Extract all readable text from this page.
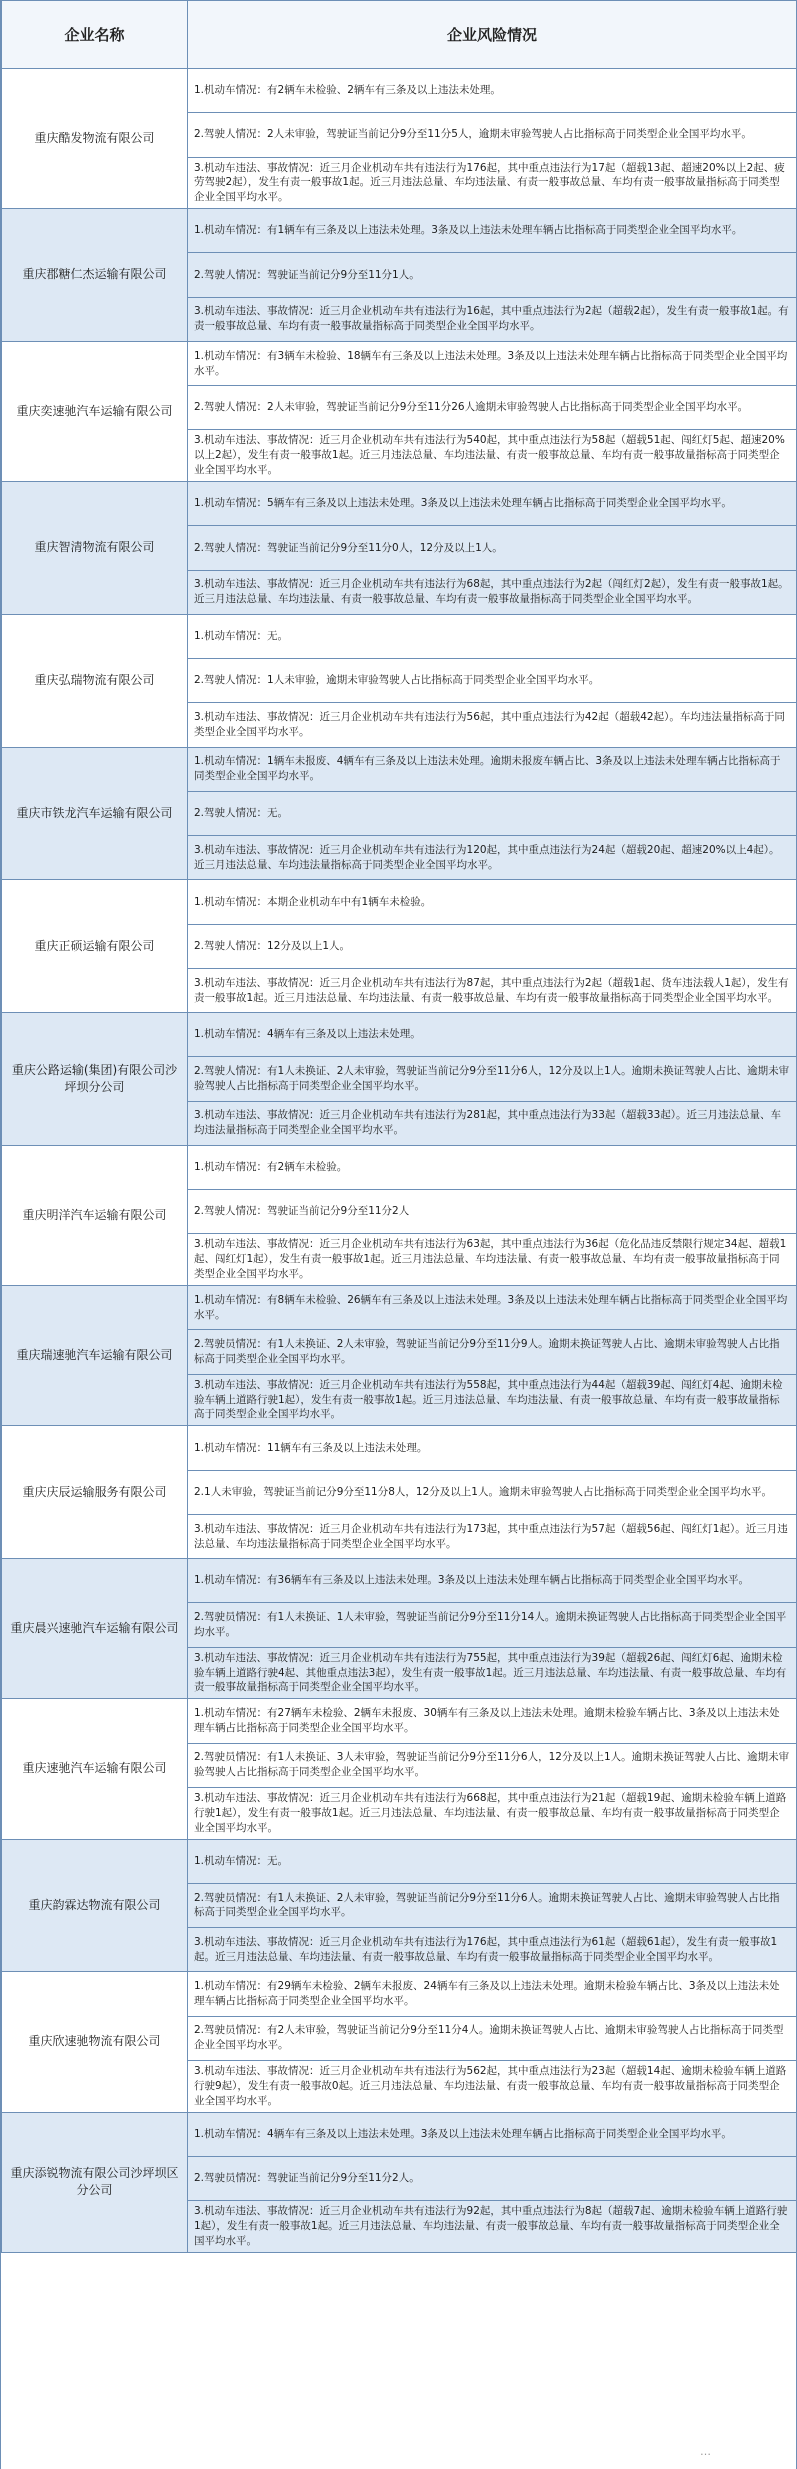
企业名称	企业风险情况
重庆酷发物流有限公司	1.机动车情况：有2辆车未检验、2辆车有三条及以上违法未处理。
	2.驾驶人情况：2人未审验，驾驶证当前记分9分至11分5人，逾期未审验驾驶人占比指标高于同类型企业全国平均水平。
	3.机动车违法、事故情况：近三月企业机动车共有违法行为176起，其中重点违法行为17起（超载13起、超速20%以上2起、疲劳驾驶2起），发生有责一般事故1起。近三月违法总量、车均违法量、有责一般事故总量、车均有责一般事故量指标高于同类型企业全国平均水平。
重庆郡糖仁杰运输有限公司	1.机动车情况：有1辆车有三条及以上违法未处理。3条及以上违法未处理车辆占比指标高于同类型企业全国平均水平。
	2.驾驶人情况：驾驶证当前记分9分至11分1人。
	3.机动车违法、事故情况：近三月企业机动车共有违法行为16起，其中重点违法行为2起（超载2起），发生有责一般事故1起。有责一般事故总量、车均有责一般事故量指标高于同类型企业全国平均水平。
重庆奕速驰汽车运输有限公司	1.机动车情况：有3辆车未检验、18辆车有三条及以上违法未处理。3条及以上违法未处理车辆占比指标高于同类型企业全国平均水平。
	2.驾驶人情况：2人未审验，驾驶证当前记分9分至11分26人逾期未审验驾驶人占比指标高于同类型企业全国平均水平。
	3.机动车违法、事故情况：近三月企业机动车共有违法行为540起，其中重点违法行为58起（超载51起、闯红灯5起、超速20%以上2起），发生有责一般事故1起。近三月违法总量、车均违法量、有责一般事故总量、车均有责一般事故量指标高于同类型企业全国平均水平。
重庆智清物流有限公司	1.机动车情况：5辆车有三条及以上违法未处理。3条及以上违法未处理车辆占比指标高于同类型企业全国平均水平。
	2.驾驶人情况：驾驶证当前记分9分至11分0人，12分及以上1人。
	3.机动车违法、事故情况：近三月企业机动车共有违法行为68起，其中重点违法行为2起（闯红灯2起），发生有责一般事故1起。近三月违法总量、车均违法量、有责一般事故总量、车均有责一般事故量指标高于同类型企业全国平均水平。
重庆弘瑞物流有限公司	1.机动车情况：无。
	2.驾驶人情况：1人未审验，逾期未审验驾驶人占比指标高于同类型企业全国平均水平。
	3.机动车违法、事故情况：近三月企业机动车共有违法行为56起，其中重点违法行为42起（超载42起）。车均违法量指标高于同类型企业全国平均水平。
重庆市铁龙汽车运输有限公司	1.机动车情况：1辆车未报废、4辆车有三条及以上违法未处理。逾期未报废车辆占比、3条及以上违法未处理车辆占比指标高于同类型企业全国平均水平。
	2.驾驶人情况：无。
	3.机动车违法、事故情况：近三月企业机动车共有违法行为120起，其中重点违法行为24起（超载20起、超速20%以上4起）。近三月违法总量、车均违法量指标高于同类型企业全国平均水平。
重庆正硕运输有限公司	1.机动车情况：本期企业机动车中有1辆车未检验。
	2.驾驶人情况：12分及以上1人。
	3.机动车违法、事故情况：近三月企业机动车共有违法行为87起，其中重点违法行为2起（超载1起、货车违法载人1起），发生有责一般事故1起。近三月违法总量、车均违法量、有责一般事故总量、车均有责一般事故量指标高于同类型企业全国平均水平。
重庆公路运输(集团)有限公司沙坪坝分公司	1.机动车情况：4辆车有三条及以上违法未处理。
	2.驾驶人情况：有1人未换证、2人未审验，驾驶证当前记分9分至11分6人，12分及以上1人。逾期未换证驾驶人占比、逾期未审验驾驶人占比指标高于同类型企业全国平均水平。
	3.机动车违法、事故情况：近三月企业机动车共有违法行为281起，其中重点违法行为33起（超载33起）。近三月违法总量、车均违法量指标高于同类型企业全国平均水平。
重庆明洋汽车运输有限公司	1.机动车情况：有2辆车未检验。
	2.驾驶人情况：驾驶证当前记分9分至11分2人
	3.机动车违法、事故情况：近三月企业机动车共有违法行为63起，其中重点违法行为36起（危化品违反禁限行规定34起、超载1起、闯红灯1起），发生有责一般事故1起。近三月违法总量、车均违法量、有责一般事故总量、车均有责一般事故量指标高于同类型企业全国平均水平。
重庆瑞速驰汽车运输有限公司	1.机动车情况：有8辆车未检验、26辆车有三条及以上违法未处理。3条及以上违法未处理车辆占比指标高于同类型企业全国平均水平。
	2.驾驶员情况：有1人未换证、2人未审验，驾驶证当前记分9分至11分9人。逾期未换证驾驶人占比、逾期未审验驾驶人占比指标高于同类型企业全国平均水平。
	3.机动车违法、事故情况：近三月企业机动车共有违法行为558起，其中重点违法行为44起（超载39起、闯红灯4起、逾期未检验车辆上道路行驶1起），发生有责一般事故1起。近三月违法总量、车均违法量、有责一般事故总量、车均有责一般事故量指标高于同类型企业全国平均水平。
重庆庆辰运输服务有限公司	1.机动车情况：11辆车有三条及以上违法未处理。
	2.1人未审验，驾驶证当前记分9分至11分8人，12分及以上1人。逾期未审验驾驶人占比指标高于同类型企业全国平均水平。
	3.机动车违法、事故情况：近三月企业机动车共有违法行为173起，其中重点违法行为57起（超载56起、闯红灯1起）。近三月违法总量、车均违法量指标高于同类型企业全国平均水平。
重庆晨兴速驰汽车运输有限公司	1.机动车情况：有36辆车有三条及以上违法未处理。3条及以上违法未处理车辆占比指标高于同类型企业全国平均水平。
	2.驾驶员情况：有1人未换证、1人未审验，驾驶证当前记分9分至11分14人。逾期未换证驾驶人占比指标高于同类型企业全国平均水平。
	3.机动车违法、事故情况：近三月企业机动车共有违法行为755起，其中重点违法行为39起（超载26起、闯红灯6起、逾期未检验车辆上道路行驶4起、其他重点违法3起），发生有责一般事故1起。近三月违法总量、车均违法量、有责一般事故总量、车均有责一般事故量指标高于同类型企业全国平均水平。
重庆速驰汽车运输有限公司	1.机动车情况：有27辆车未检验、2辆车未报废、30辆车有三条及以上违法未处理。逾期未检验车辆占比、3条及以上违法未处理车辆占比指标高于同类型企业全国平均水平。
	2.驾驶员情况：有1人未换证、3人未审验，驾驶证当前记分9分至11分6人，12分及以上1人。逾期未换证驾驶人占比、逾期未审验驾驶人占比指标高于同类型企业全国平均水平。
	3.机动车违法、事故情况：近三月企业机动车共有违法行为668起，其中重点违法行为21起（超载19起、逾期未检验车辆上道路行驶1起），发生有责一般事故1起。近三月违法总量、车均违法量、有责一般事故总量、车均有责一般事故量指标高于同类型企业全国平均水平。
重庆韵霖达物流有限公司	1.机动车情况：无。
	2.驾驶员情况：有1人未换证、2人未审验，驾驶证当前记分9分至11分6人。逾期未换证驾驶人占比、逾期未审验驾驶人占比指标高于同类型企业全国平均水平。
	3.机动车违法、事故情况：近三月企业机动车共有违法行为176起，其中重点违法行为61起（超载61起），发生有责一般事故1起。近三月违法总量、车均违法量、有责一般事故总量、车均有责一般事故量指标高于同类型企业全国平均水平。
重庆欣速驰物流有限公司	1.机动车情况：有29辆车未检验、2辆车未报废、24辆车有三条及以上违法未处理。逾期未检验车辆占比、3条及以上违法未处理车辆占比指标高于同类型企业全国平均水平。
	2.驾驶员情况：有2人未审验，驾驶证当前记分9分至11分4人。逾期未换证驾驶人占比、逾期未审验驾驶人占比指标高于同类型企业全国平均水平。
	3.机动车违法、事故情况：近三月企业机动车共有违法行为562起，其中重点违法行为23起（超载14起、逾期未检验车辆上道路行驶9起），发生有责一般事故0起。近三月违法总量、车均违法量、有责一般事故总量、车均有责一般事故量指标高于同类型企业全国平均水平。
重庆添锐物流有限公司沙坪坝区分公司	1.机动车情况：4辆车有三条及以上违法未处理。3条及以上违法未处理车辆占比指标高于同类型企业全国平均水平。
	2.驾驶员情况：驾驶证当前记分9分至11分2人。
	3.机动车违法、事故情况：近三月企业机动车共有违法行为92起，其中重点违法行为8起（超载7起、逾期未检验车辆上道路行驶1起），发生有责一般事故1起。近三月违法总量、车均违法量、有责一般事故总量、车均有责一般事故量指标高于同类型企业全国平均水平。
…
